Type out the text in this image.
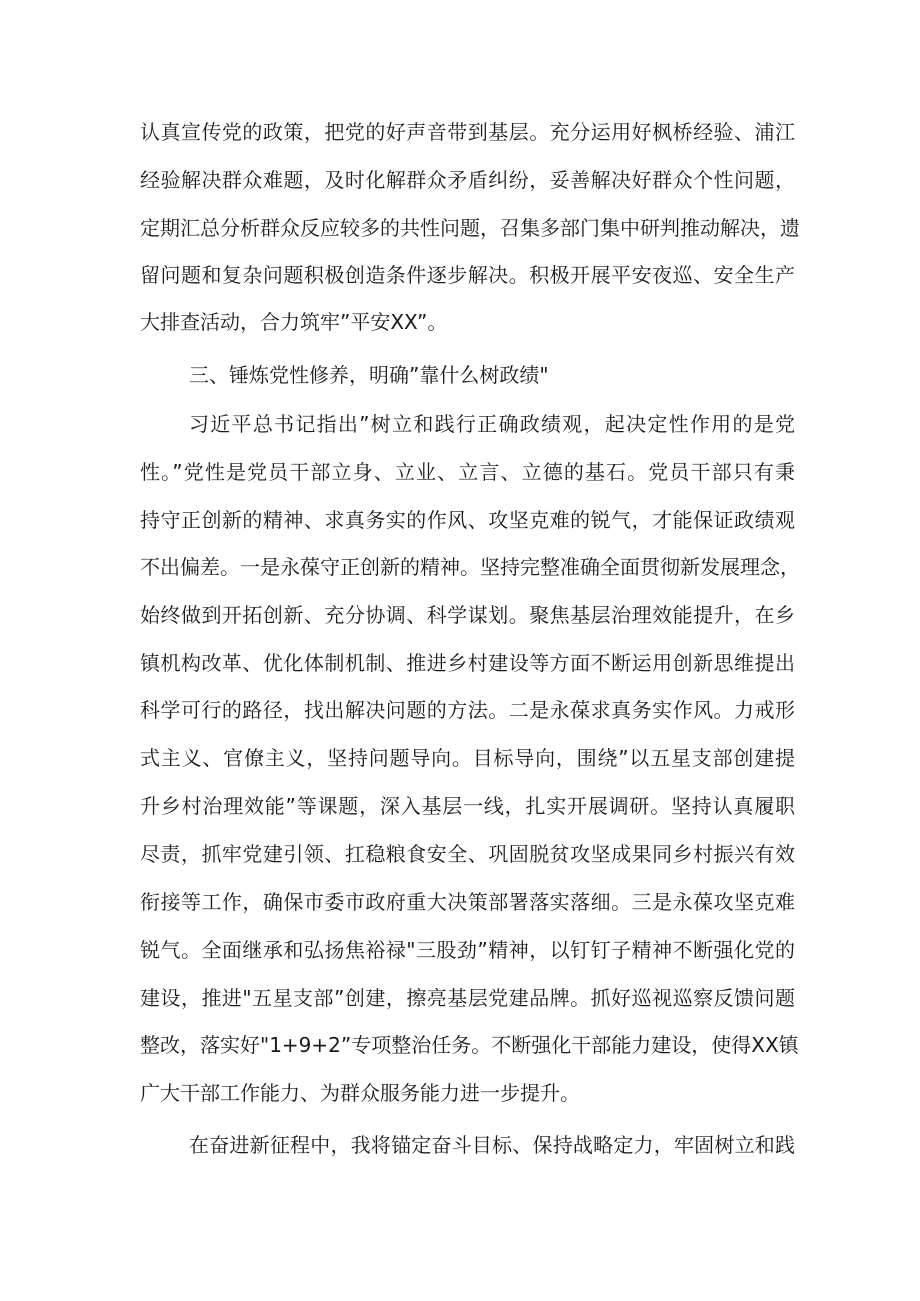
认真宣传党的政策，把党的好声音带到基层。充分运用好枫桥经验、浦江
经验解决群众难题，及时化解群众矛盾纠纷，妥善解决好群众个性问题，
定期汇总分析群众反应较多的共性问题，召集多部门集中研判推动解决，遗
留问题和复杂问题积极创造条件逐步解决。积极开展平安夜巡、安全生产
大排查活动，合力筑牢”平安XX”。
三、锤炼党性修养，明确”靠什么树政绩"
习近平总书记指出”树立和践行正确政绩观，起决定性作用的是党
性。”党性是党员干部立身、立业、立言、立德的基石。党员干部只有秉
持守正创新的精神、求真务实的作风、攻坚克难的锐气，才能保证政绩观
不出偏差。一是永葆守正创新的精神。坚持完整准确全面贯彻新发展理念，
始终做到开拓创新、充分协调、科学谋划。聚焦基层治理效能提升，在乡
镇机构改革、优化体制机制、推进乡村建设等方面不断运用创新思维提出
科学可行的路径，找出解决问题的方法。二是永葆求真务实作风。力戒形
式主义、官僚主义，坚持问题导向。目标导向，围绕”以五星支部创建提
升乡村治理效能”等课题，深入基层一线，扎实开展调研。坚持认真履职
尽责，抓牢党建引领、扛稳粮食安全、巩固脱贫攻坚成果同乡村振兴有效
衔接等工作，确保市委市政府重大决策部署落实落细。三是永葆攻坚克难
锐气。全面继承和弘扬焦裕禄"三股劲”精神，以钉钉子精神不断强化党的
建设，推进"五星支部”创建，擦亮基层党建品牌。抓好巡视巡察反馈问题
整改，落实好"1+9+2”专项整治任务。不断强化干部能力建设，使得XX镇
广大干部工作能力、为群众服务能力进一步提升。
在奋进新征程中，我将锚定奋斗目标、保持战略定力，牢固树立和践
